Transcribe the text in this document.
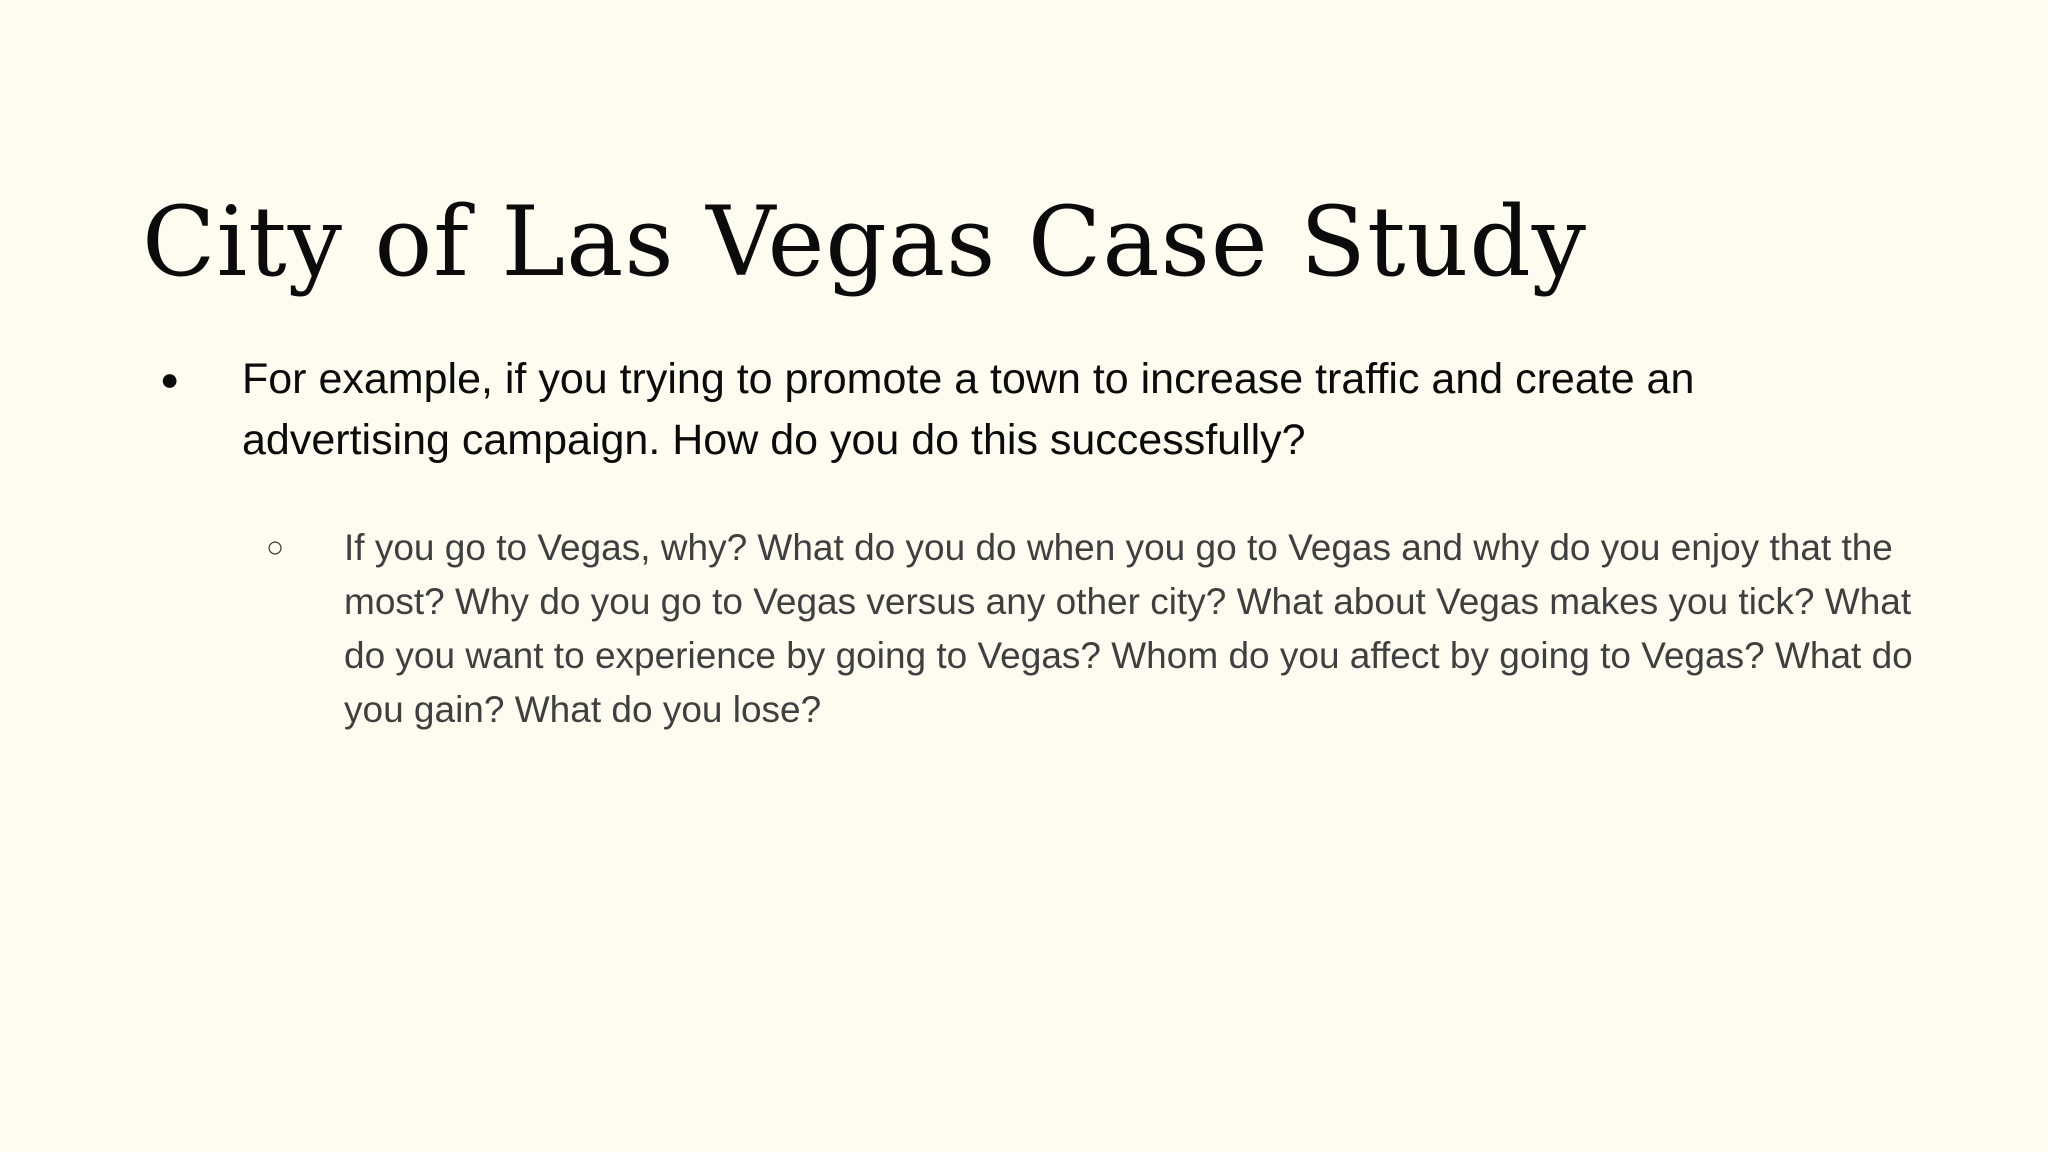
City of Las Vegas Case Study
●	For example, if you trying to promote a town to increase traffic and create an advertising campaign. How do you do this successfully?
○	If you go to Vegas, why? What do you do when you go to Vegas and why do you enjoy that the most? Why do you go to Vegas versus any other city? What about Vegas makes you tick? What do you want to experience by going to Vegas? Whom do you affect by going to Vegas? What do you gain? What do you lose?
